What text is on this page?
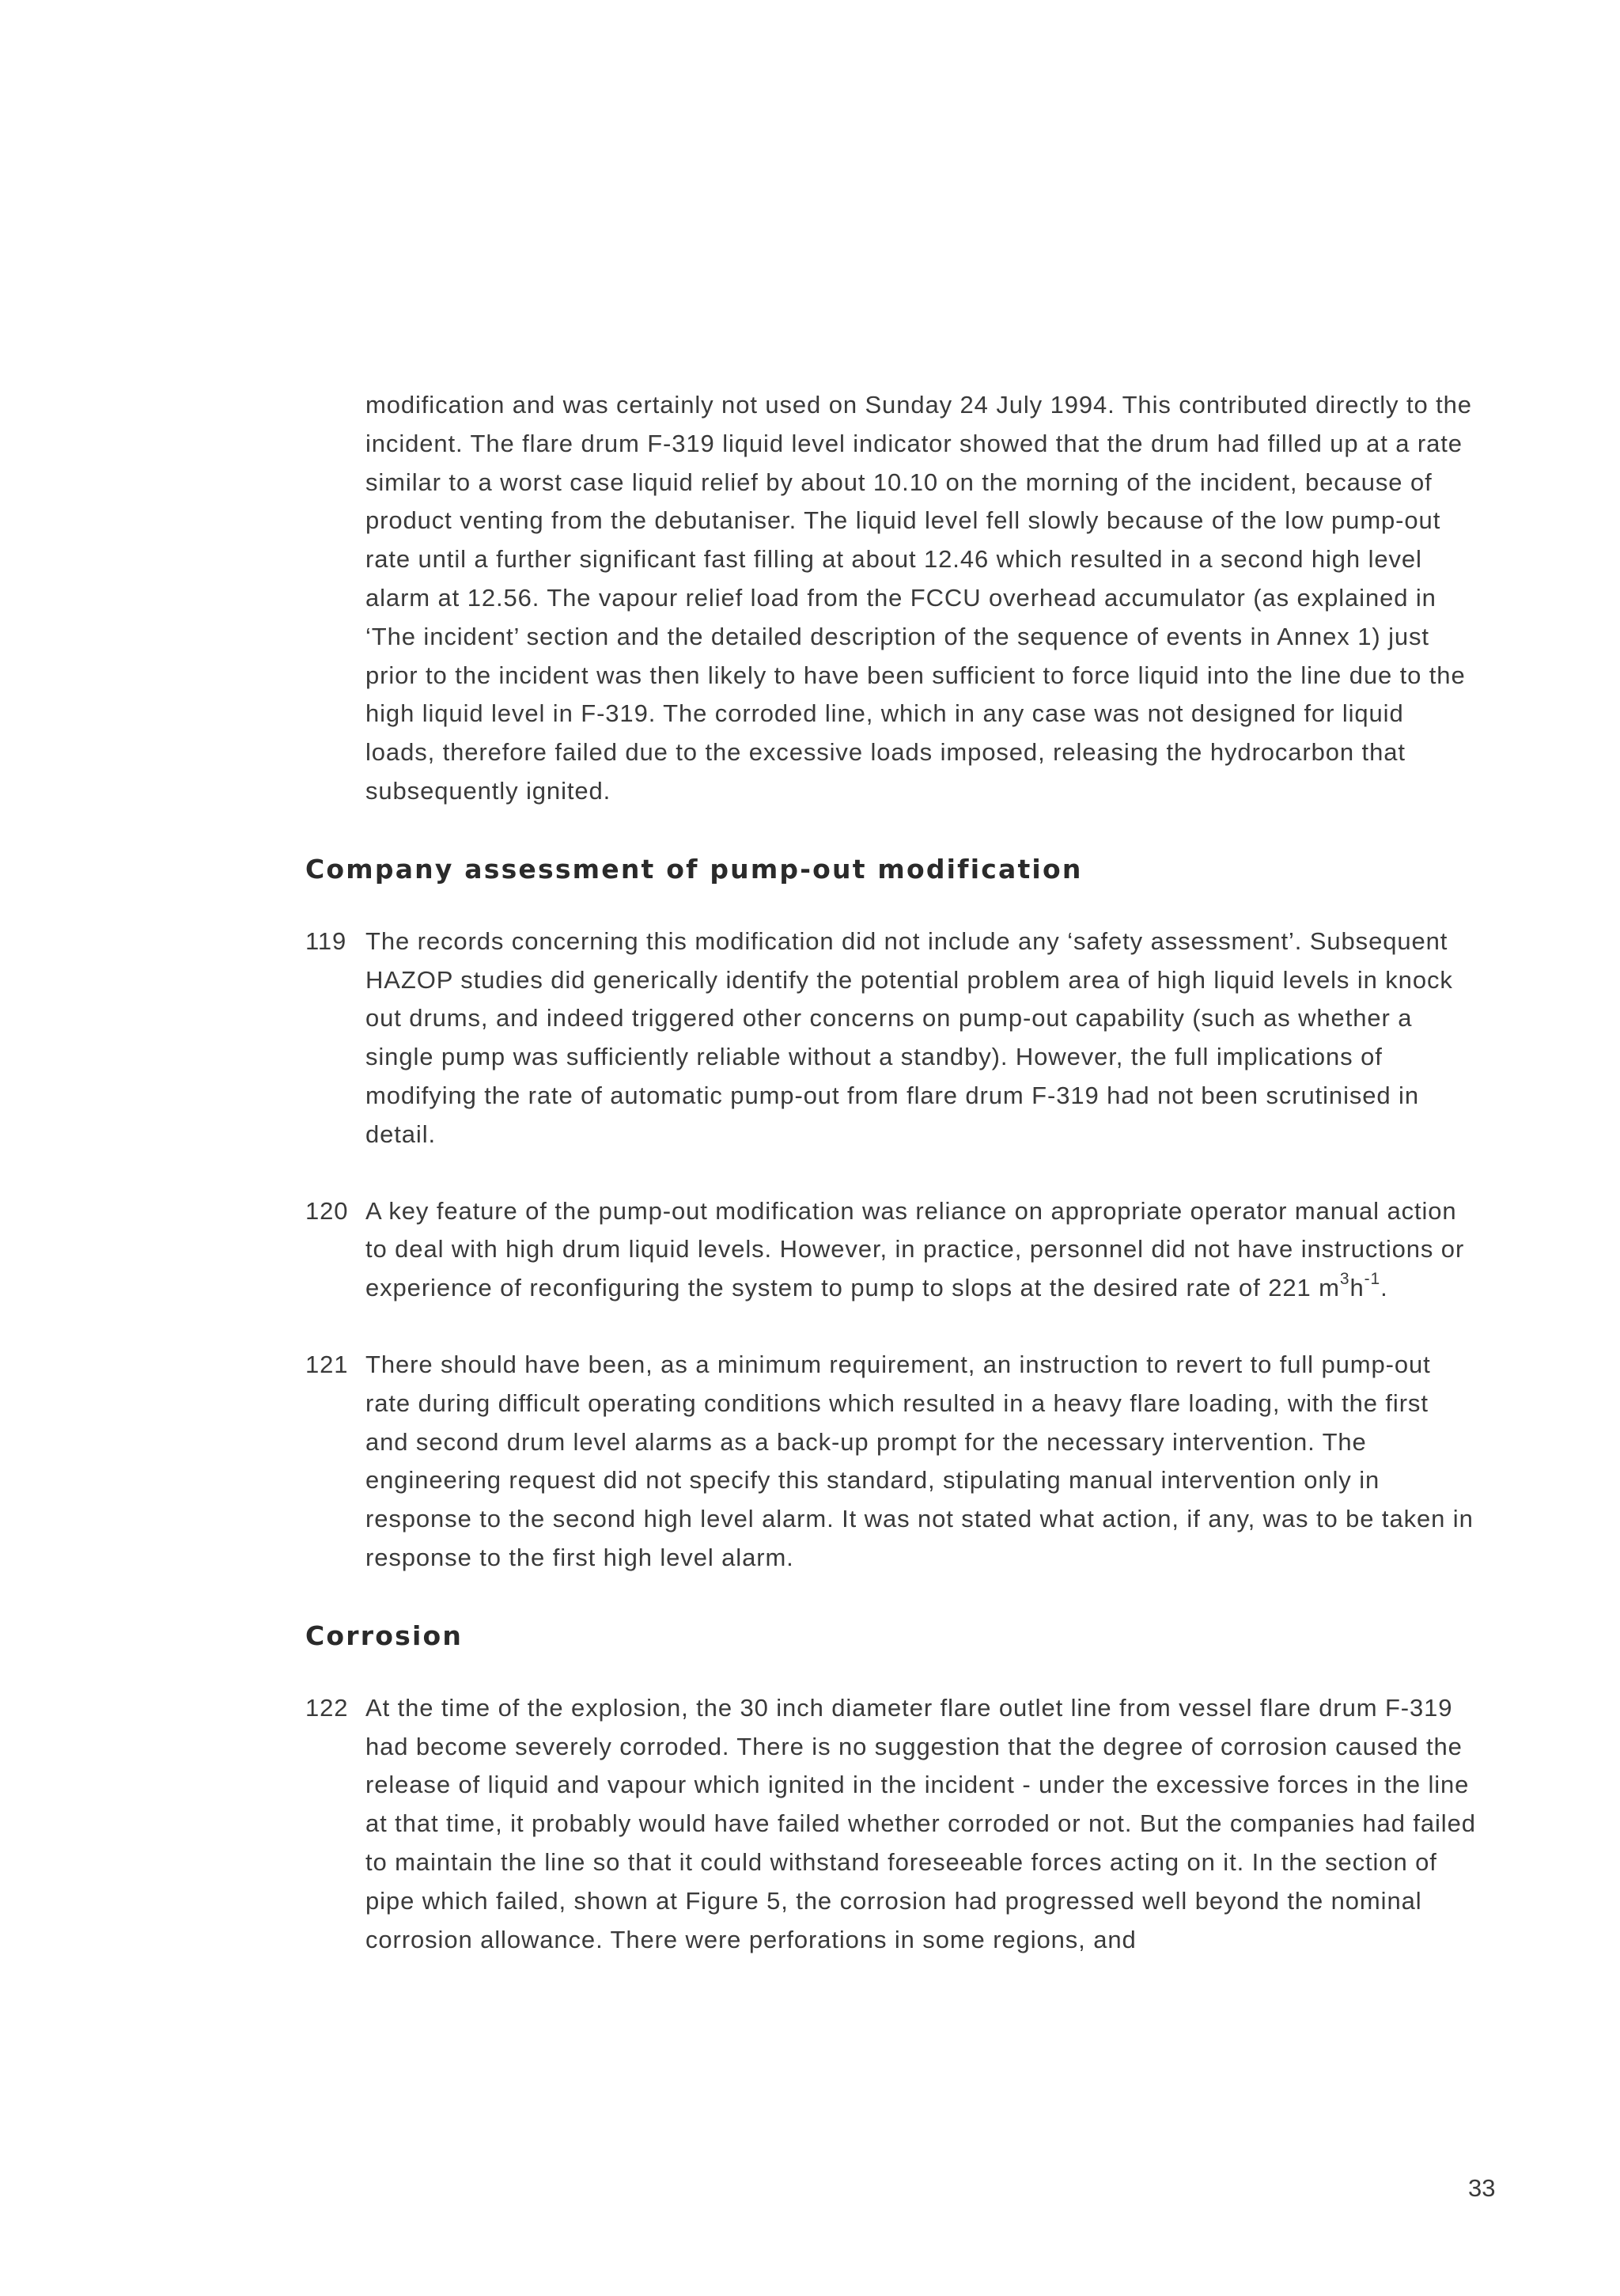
modification and was certainly not used on Sunday 24 July 1994. This contributed directly to the incident. The flare drum F-319 liquid level indicator showed that the drum had filled up at a rate similar to a worst case liquid relief by about 10.10 on the morning of the incident, because of product venting from the debutaniser. The liquid level fell slowly because of the low pump-out rate until a further significant fast filling at about 12.46 which resulted in a second high level alarm at 12.56. The vapour relief load from the FCCU overhead accumulator (as explained in ‘The incident’ section and the detailed description of the sequence of events in Annex 1) just prior to the incident was then likely to have been sufficient to force liquid into the line due to the high liquid level in F-319. The corroded line, which in any case was not designed for liquid loads, therefore failed due to the excessive loads imposed, releasing the hydrocarbon that subsequently ignited.

Company assessment of pump-out modification
119 The records concerning this modification did not include any ‘safety assessment’. Subsequent HAZOP studies did generically identify the potential problem area of high liquid levels in knock out drums, and indeed triggered other concerns on pump-out capability (such as whether a single pump was sufficiently reliable without a standby). However, the full implications of modifying the rate of automatic pump-out from flare drum F-319 had not been scrutinised in detail.
120 A key feature of the pump-out modification was reliance on appropriate operator manual action to deal with high drum liquid levels. However, in practice, personnel did not have instructions or experience of reconfiguring the system to pump to slops at the desired rate of 221 $m^3h^{-1}$.
121 There should have been, as a minimum requirement, an instruction to revert to full pump-out rate during difficult operating conditions which resulted in a heavy flare loading, with the first and second drum level alarms as a back-up prompt for the necessary intervention. The engineering request did not specify this standard, stipulating manual intervention only in response to the second high level alarm. It was not stated what action, if any, was to be taken in response to the first high level alarm.
Corrosion
122 At the time of the explosion, the 30 inch diameter flare outlet line from vessel flare drum F-319 had become severely corroded. There is no suggestion that the degree of corrosion caused the release of liquid and vapour which ignited in the incident - under the excessive forces in the line at that time, it probably would have failed whether corroded or not. But the companies had failed to maintain the line so that it could withstand foreseeable forces acting on it. In the section of pipe which failed, shown at Figure 5, the corrosion had progressed well beyond the nominal corrosion allowance. There were perforations in some regions, and
33
